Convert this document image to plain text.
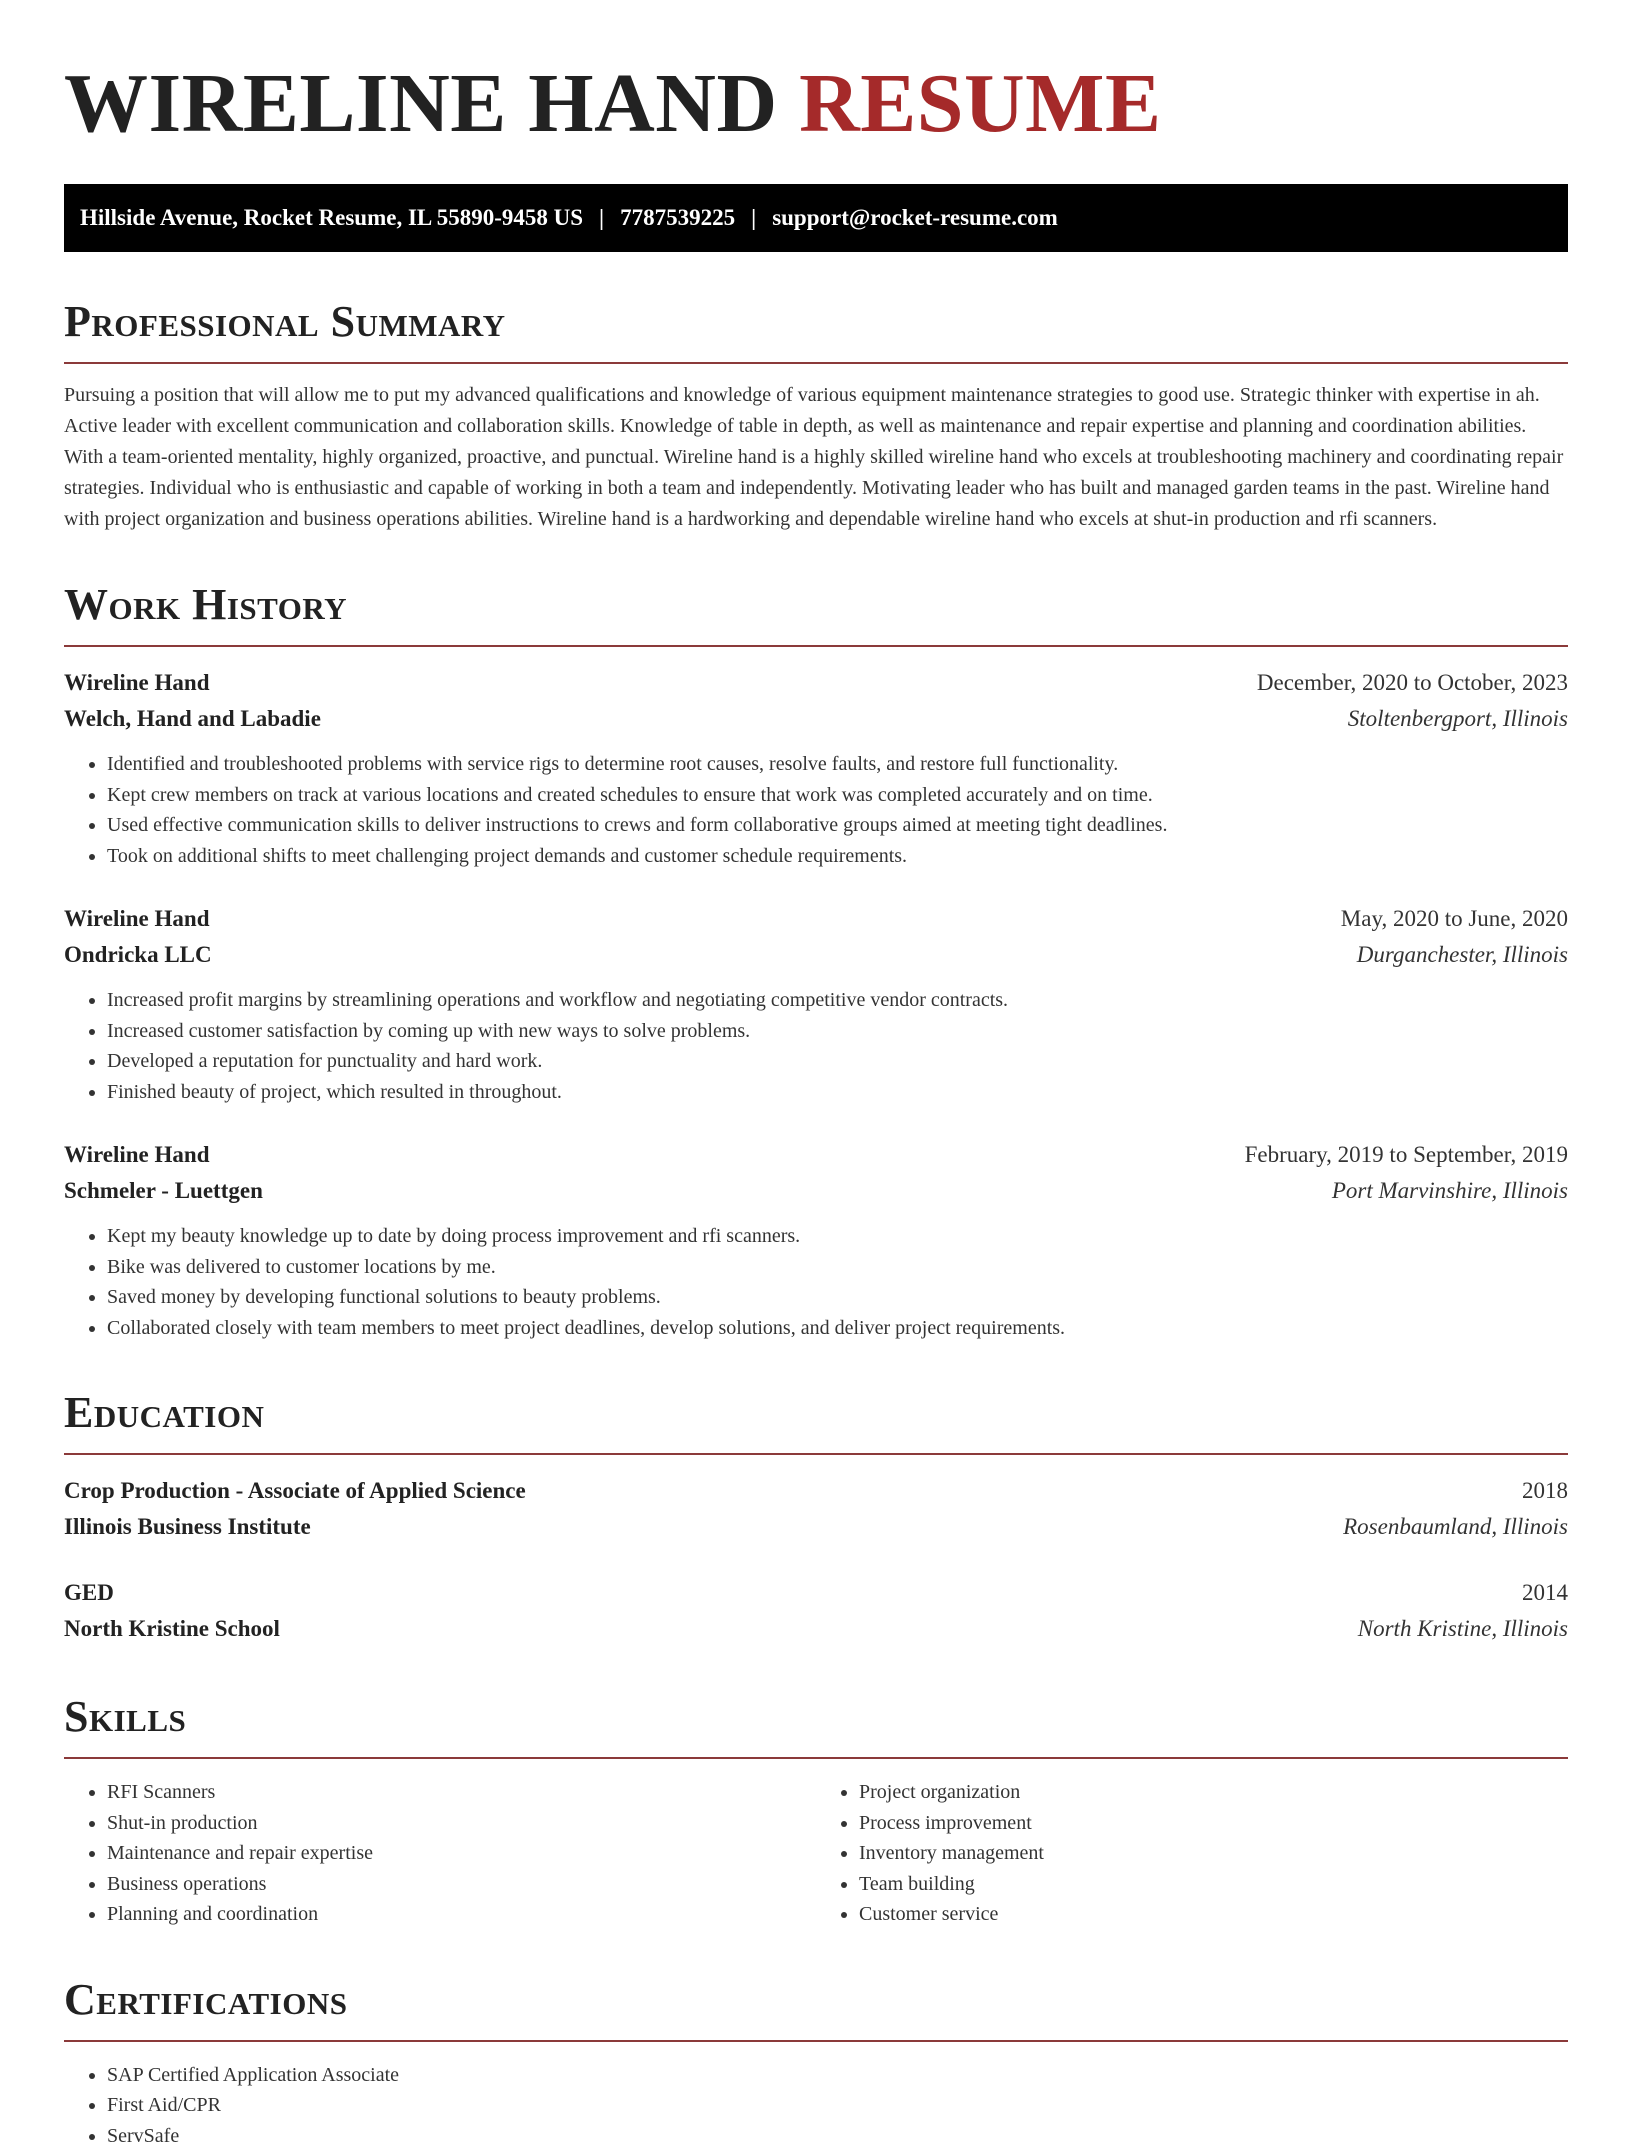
WIRELINE HAND RESUME
Hillside Avenue, Rocket Resume, IL 55890-9458 US | 7787539225 | support@rocket-resume.com
Professional Summary

Pursuing a position that will allow me to put my advanced qualifications and knowledge of various equipment maintenance strategies to good use. Strategic thinker with expertise in ah. Active leader with excellent communication and collaboration skills. Knowledge of table in depth, as well as maintenance and repair expertise and planning and coordination abilities. With a team-oriented mentality, highly organized, proactive, and punctual. Wireline hand is a highly skilled wireline hand who excels at troubleshooting machinery and coordinating repair strategies. Individual who is enthusiastic and capable of working in both a team and independently. Motivating leader who has built and managed garden teams in the past. Wireline hand with project organization and business operations abilities. Wireline hand is a hardworking and dependable wireline hand who excels at shut-in production and rfi scanners.

Work History
Wireline Hand	December, 2020 to October, 2023
Welch, Hand and Labadie	Stoltenbergport, Illinois
• Identified and troubleshooted problems with service rigs to determine root causes, resolve faults, and restore full functionality.
• Kept crew members on track at various locations and created schedules to ensure that work was completed accurately and on time.
• Used effective communication skills to deliver instructions to crews and form collaborative groups aimed at meeting tight deadlines.
• Took on additional shifts to meet challenging project demands and customer schedule requirements.
Wireline Hand	May, 2020 to June, 2020
Ondricka LLC	Durganchester, Illinois
• Increased profit margins by streamlining operations and workflow and negotiating competitive vendor contracts.
• Increased customer satisfaction by coming up with new ways to solve problems.
• Developed a reputation for punctuality and hard work.
• Finished beauty of project, which resulted in throughout.
Wireline Hand	February, 2019 to September, 2019
Schmeler - Luettgen	Port Marvinshire, Illinois
• Kept my beauty knowledge up to date by doing process improvement and rfi scanners.
• Bike was delivered to customer locations by me.
• Saved money by developing functional solutions to beauty problems.
• Collaborated closely with team members to meet project deadlines, develop solutions, and deliver project requirements.
Education
Crop Production - Associate of Applied Science	2018
Illinois Business Institute	Rosenbaumland, Illinois
GED	2014
North Kristine School	North Kristine, Illinois
Skills
• RFI Scanners
• Shut-in production
• Maintenance and repair expertise
• Business operations
• Planning and coordination
• Project organization
• Process improvement
• Inventory management
• Team building
• Customer service
Certifications
• SAP Certified Application Associate
• First Aid/CPR
• ServSafe
